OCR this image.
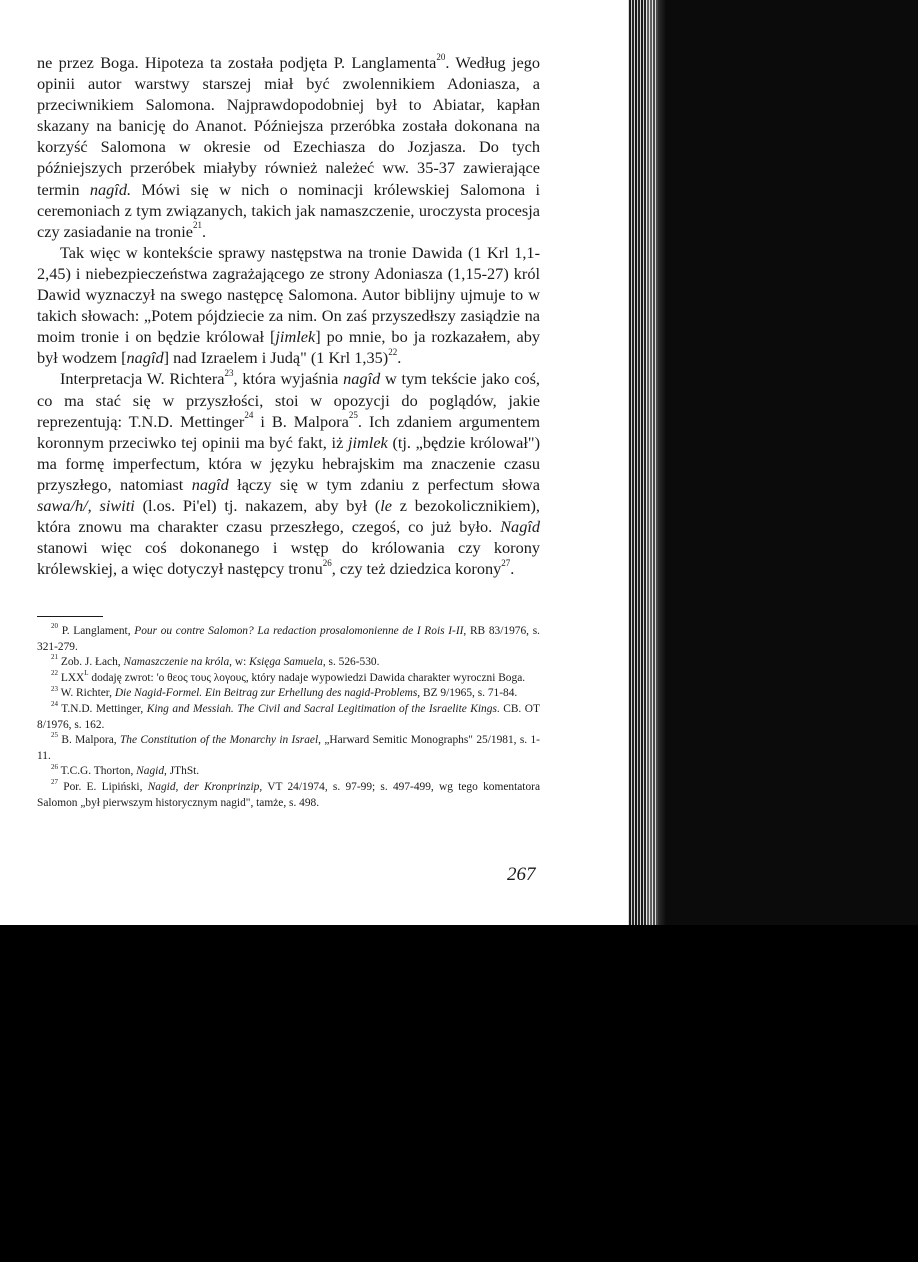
ne przez Boga. Hipoteza ta została podjęta P. Langlamenta$^{20}$. Według jego opinii autor warstwy starszej miał być zwolennikiem Adoniasza, a przeciwnikiem Salomona. Najprawdopodobniej był to Abiatar, kapłan skazany na banicję do Ananot. Późniejsza przeróbka została dokonana na korzyść Salomona w okresie od Ezechiasza do Jozjasza. Do tych późniejszych przeróbek miałyby również należeć ww. 35-37 zawierające termin nagîd. Mówi się w nich o nominacji królewskiej Salomona i ceremoniach z tym związanych, takich jak namaszczenie, uroczysta procesja czy zasiadanie na tronie$^{21}$.

Tak więc w kontekście sprawy następstwa na tronie Dawida (1 Krl 1,1-2,45) i niebezpieczeństwa zagrażającego ze strony Adoniasza (1,15-27) król Dawid wyznaczył na swego następcę Salomona. Autor biblijny ujmuje to w takich słowach: „Potem pójdziecie za nim. On zaś przyszedłszy zasiądzie na moim tronie i on będzie królował [jimlek] po mnie, bo ja rozkazałem, aby był wodzem [nagîd] nad Izraelem i Judą" (1 Krl 1,35)$^{22}$.

Interpretacja W. Richtera$^{23}$, która wyjaśnia nagîd w tym tekście jako coś, co ma stać się w przyszłości, stoi w opozycji do poglądów, jakie reprezentują: T.N.D. Mettinger$^{24}$ i B. Malpora$^{25}$. Ich zdaniem argumentem koronnym przeciwko tej opinii ma być fakt, iż jimlek (tj. „będzie królował") ma formę imperfectum, która w języku hebrajskim ma znaczenie czasu przyszłego, natomiast nagîd łączy się w tym zdaniu z perfectum słowa sawa/h/, siwiti (l.os. Pi'el) tj. nakazem, aby był (le z bezokolicznikiem), która znowu ma charakter czasu przeszłego, czegoś, co już było. Nagîd stanowi więc coś dokonanego i wstęp do królowania czy korony królewskiej, a więc dotyczył następcy tronu$^{26}$, czy też dziedzica korony$^{27}$.

$^{20}$ P. Langlament, Pour ou contre Salomon? La redaction prosalomonienne de I Rois I-II, RB 83/1976, s. 321-279.

$^{21}$ Zob. J. Łach, Namaszczenie na króla, w: Księga Samuela, s. 526-530.

$^{22}$ $LXX^L$ dodaję zwrot: 'o θεος τους λογους, który nadaje wypowiedzi Dawida charakter wyroczni Boga.

$^{23}$ W. Richter, Die Nagid-Formel. Ein Beitrag zur Erhellung des nagid-Problems, BZ 9/1965, s. 71-84.

$^{24}$ T.N.D. Mettinger, King and Messiah. The Civil and Sacral Legitimation of the Israelite Kings. CB. OT 8/1976, s. 162.

$^{25}$ B. Malpora, The Constitution of the Monarchy in Israel, „Harward Semitic Monographs" 25/1981, s. 1-11.

$^{26}$ T.C.G. Thorton, Nagid, JThSt.

$^{27}$ Por. E. Lipiński, Nagid, der Kronprinzip, VT 24/1974, s. 97-99; s. 497-499, wg tego komentatora Salomon „był pierwszym historycznym nagid", tamże, s. 498.

267
